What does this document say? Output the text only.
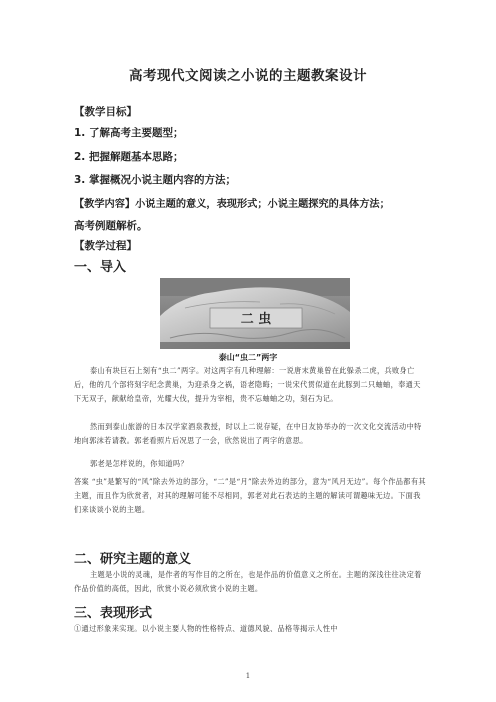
高考现代文阅读之小说的主题教案设计
【教学目标】
1. 了解高考主要题型；
2. 把握解题基本思路；
3. 掌握概况小说主题内容的方法；
【教学内容】小说主题的意义，表现形式；小说主题探究的具体方法；
高考例题解析。
【教学过程】
一、导入
二 虫
泰山“虫二”两字
泰山有块巨石上刻有“虫二”两字。对这两字有几种理解：一说唐末黄巢曾在此躲杀二虎，兵败身亡后，他的几个部将刻字纪念黄巢，为迎杀身之祸，语老隐晦；一说宋代贯似道在此豚到二只蚰蚰，奉通天下无双子，献献给皇帝，光耀大伐，提升为宰相，贵不忘蚰蚰之功，刻石为记。
然而到泰山旅游的日本汉学家酒泉教授，时以上二说存疑，在中日友协举办的一次文化交流活动中特地向郭沫若请教。郭老看照片后况思了一会，欣然说出了两字的意思。
郭老是怎样说的，你知道吗？
答案 “虫”是繁写的“风”除去外边的部分，“二”是“月”除去外边的部分，意为“风月无边”。每个作品都有其主题，而且作为欣赏者，对其的理解可能不尽相同，郭老对此石表达的主题的解读可谓趣味无边。下面我们来谈谈小说的主题。
二、研究主题的意义
主题是小说的灵魂，是作者的写作目的之所在，也是作品的价值意义之所在。主题的深浅往往决定着作品价值的高低，因此，欣赏小说必须欣赏小说的主题。
三、表现形式
①通过形象来实现。以小说主要人物的性格特点、道德风貌、品格等揭示人性中
1
